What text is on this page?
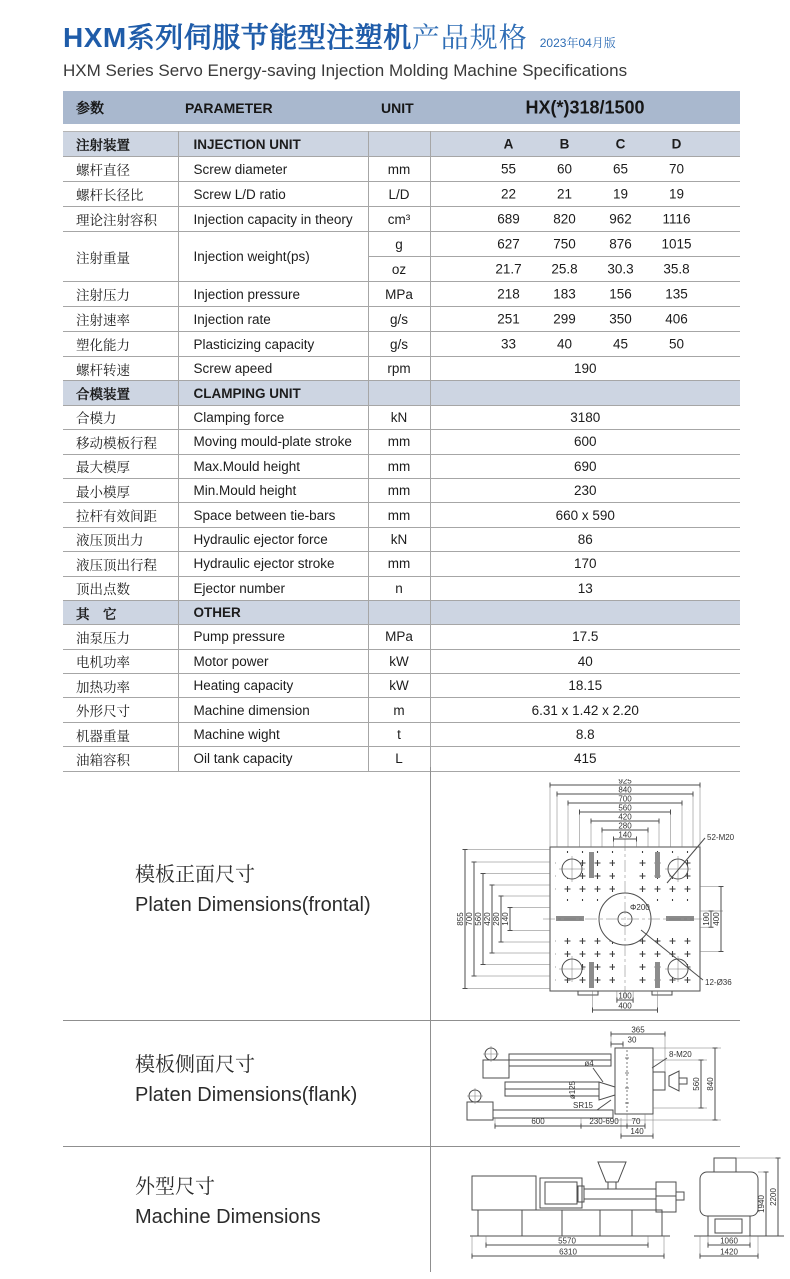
HXM系列伺服节能型注塑机产品规格 2023年04月版
HXM Series Servo Energy-saving Injection Molding Machine Specifications
参数	PARAMETER	UNIT	HX(*)318/1500
注射装置	INJECTION UNIT		A B C D

螺杆直径	Screw diameter	mm	55 60 65 70

螺杆长径比	Screw L/D ratio	L/D	22 21 19 19

理论注射容积	Injection capacity in theory	cm³	689 820 962 1116

注射重量	Injection weight(ps)	g	627 750 876 1015

		oz	21.7 25.8 30.3 35.8

注射压力	Injection pressure	MPa	218 183 156 135

注射速率	Injection rate	g/s	251 299 350 406

塑化能力	Plasticizing capacity	g/s	33 40 45 50

螺杆转速	Screw apeed	rpm	190

合模装置	CLAMPING UNIT		
合模力	Clamping force	kN	3180

移动模板行程	Moving mould-plate stroke	mm	600

最大模厚	Max.Mould height	mm	690

最小模厚	Min.Mould height	mm	230

拉杆有效间距	Space between tie-bars	mm	660 x 590

液压顶出力	Hydraulic ejector force	kN	86

液压顶出行程	Hydraulic ejector stroke	mm	170

顶出点数	Ejector number	n	13

其　它	OTHER		
油泵压力	Pump pressure	MPa	17.5

电机功率	Motor power	kW	40

加热功率	Heating capacity	kW	18.15

外形尺寸	Machine dimension	m	6.31 x 1.42 x 2.20

机器重量	Machine wight	t	8.8

油箱容积	Oil tank capacity	L	415
模板正面尺寸
Platen Dimensions(frontal)
模板侧面尺寸
Platen Dimensions(flank)
外型尺寸
Machine Dimensions
Φ200
925
840
700
560
420
280
140
855 700 560 420 280 140	100 400
100
400
52-M20
12-Ø36
365
30
8-M20
ø4
ø125
SR15
560 840
600	230-690 70
140
5570
6310
1060
1420
1940 2200
